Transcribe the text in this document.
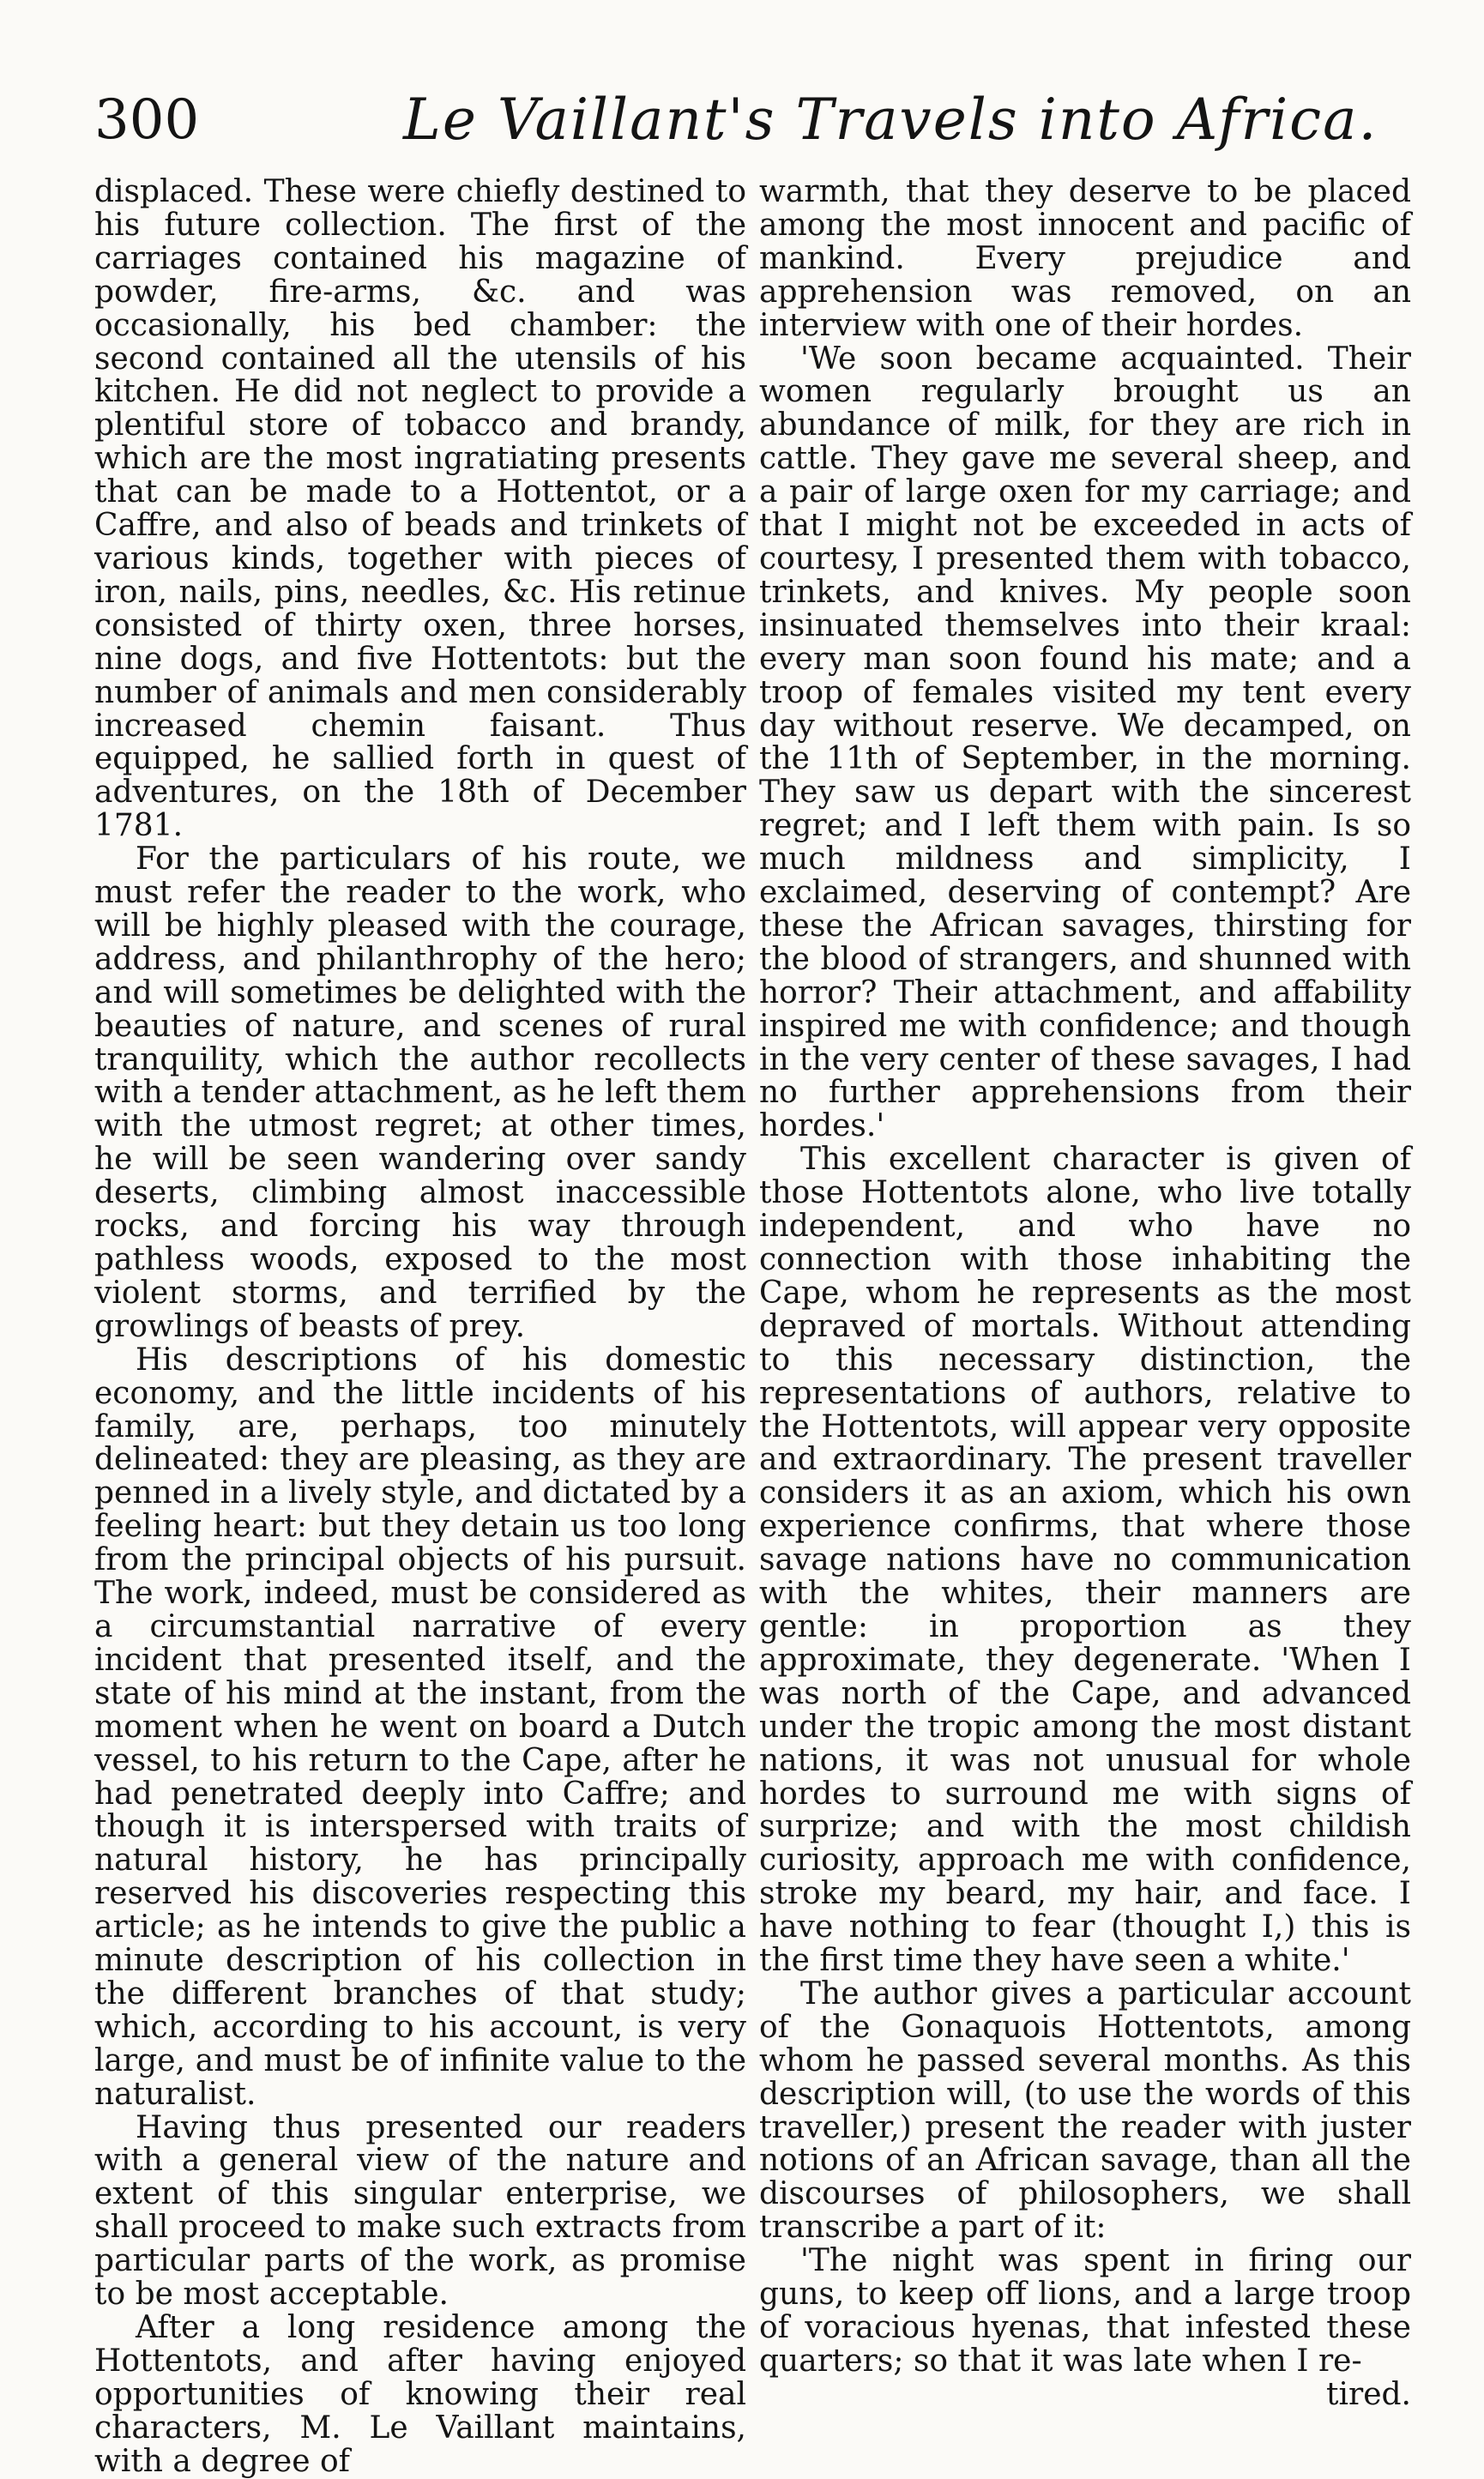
300	Le Vaillant's Travels into Africa.

displaced. These were chiefly destined to his future collection. The first of the carriages contained his magazine of powder, fire-arms, &c. and was occasionally, his bed chamber: the second contained all the utensils of his kitchen. He did not neglect to provide a plentiful store of tobacco and brandy, which are the most ingratiating presents that can be made to a Hottentot, or a Caffre, and also of beads and trinkets of various kinds, together with pieces of iron, nails, pins, needles, &c. His retinue consisted of thirty oxen, three horses, nine dogs, and five Hottentots: but the number of animals and men considerably increased chemin faisant. Thus equipped, he sallied forth in quest of adventures, on the 18th of December 1781.

For the particulars of his route, we must refer the reader to the work, who will be highly pleased with the courage, address, and philanthrophy of the hero; and will sometimes be delighted with the beauties of nature, and scenes of rural tranquility, which the author recollects with a tender attachment, as he left them with the utmost regret; at other times, he will be seen wandering over sandy deserts, climbing almost inaccessible rocks, and forcing his way through pathless woods, exposed to the most violent storms, and terrified by the growlings of beasts of prey.

His descriptions of his domestic economy, and the little incidents of his family, are, perhaps, too minutely delineated: they are pleasing, as they are penned in a lively style, and dictated by a feeling heart: but they detain us too long from the principal objects of his pursuit. The work, indeed, must be considered as a circumstantial narrative of every incident that presented itself, and the state of his mind at the instant, from the moment when he went on board a Dutch vessel, to his return to the Cape, after he had penetrated deeply into Caffre; and though it is interspersed with traits of natural history, he has principally reserved his discoveries respecting this article; as he intends to give the public a minute description of his collection in the different branches of that study; which, according to his account, is very large, and must be of infinite value to the naturalist.

Having thus presented our readers with a general view of the nature and extent of this singular enterprise, we shall proceed to make such extracts from particular parts of the work, as promise to be most acceptable.

After a long residence among the Hottentots, and after having enjoyed opportunities of knowing their real characters, M. Le Vaillant maintains, with a degree of

warmth, that they deserve to be placed among the most innocent and pacific of mankind. Every prejudice and apprehension was removed, on an interview with one of their hordes.

'We soon became acquainted. Their women regularly brought us an abundance of milk, for they are rich in cattle. They gave me several sheep, and a pair of large oxen for my carriage; and that I might not be exceeded in acts of courtesy, I presented them with tobacco, trinkets, and knives. My people soon insinuated themselves into their kraal: every man soon found his mate; and a troop of females visited my tent every day without reserve. We decamped, on the 11th of September, in the morning. They saw us depart with the sincerest regret; and I left them with pain. Is so much mildness and simplicity, I exclaimed, deserving of contempt? Are these the African savages, thirsting for the blood of strangers, and shunned with horror? Their attachment, and affability inspired me with confidence; and though in the very center of these savages, I had no further apprehensions from their hordes.'

This excellent character is given of those Hottentots alone, who live totally independent, and who have no connection with those inhabiting the Cape, whom he represents as the most depraved of mortals. Without attending to this necessary distinction, the representations of authors, relative to the Hottentots, will appear very opposite and extraordinary. The present traveller considers it as an axiom, which his own experience confirms, that where those savage nations have no communication with the whites, their manners are gentle: in proportion as they approximate, they degenerate. 'When I was north of the Cape, and advanced under the tropic among the most distant nations, it was not unusual for whole hordes to surround me with signs of surprize; and with the most childish curiosity, approach me with confidence, stroke my beard, my hair, and face. I have nothing to fear (thought I,) this is the first time they have seen a white.'

The author gives a particular account of the Gonaquois Hottentots, among whom he passed several months. As this description will, (to use the words of this traveller,) present the reader with juster notions of an African savage, than all the discourses of philosophers, we shall transcribe a part of it:

'The night was spent in firing our guns, to keep off lions, and a large troop of voracious hyenas, that infested these quarters; so that it was late when I re-

tired.
